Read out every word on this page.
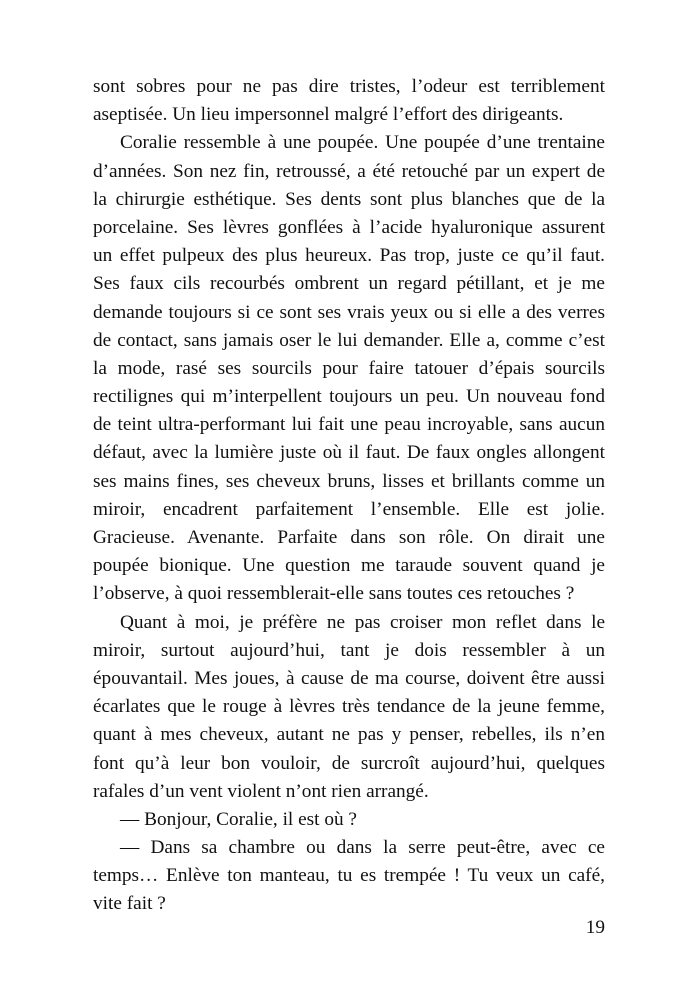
sont sobres pour ne pas dire tristes, l’odeur est terriblement
aseptisée. Un lieu impersonnel malgré l’effort des dirigeants.
Coralie ressemble à une poupée. Une poupée d’une trentaine
d’années. Son nez fin, retroussé, a été retouché par un expert de
la chirurgie esthétique. Ses dents sont plus blanches que de la
porcelaine. Ses lèvres gonflées à l’acide hyaluronique assurent
un effet pulpeux des plus heureux. Pas trop, juste ce qu’il faut.
Ses faux cils recourbés ombrent un regard pétillant, et je me
demande toujours si ce sont ses vrais yeux ou si elle a des verres
de contact, sans jamais oser le lui demander. Elle a, comme c’est
la mode, rasé ses sourcils pour faire tatouer d’épais sourcils
rectilignes qui m’interpellent toujours un peu. Un nouveau fond
de teint ultra-performant lui fait une peau incroyable, sans aucun
défaut, avec la lumière juste où il faut. De faux ongles allongent
ses mains fines, ses cheveux bruns, lisses et brillants comme un
miroir, encadrent parfaitement l’ensemble. Elle est jolie.
Gracieuse. Avenante. Parfaite dans son rôle. On dirait une
poupée bionique. Une question me taraude souvent quand je
l’observe, à quoi ressemblerait-elle sans toutes ces retouches ?
Quant à moi, je préfère ne pas croiser mon reflet dans le
miroir, surtout aujourd’hui, tant je dois ressembler à un
épouvantail. Mes joues, à cause de ma course, doivent être aussi
écarlates que le rouge à lèvres très tendance de la jeune femme,
quant à mes cheveux, autant ne pas y penser, rebelles, ils n’en
font qu’à leur bon vouloir, de surcroît aujourd’hui, quelques
rafales d’un vent violent n’ont rien arrangé.
— Bonjour, Coralie, il est où ?
— Dans sa chambre ou dans la serre peut-être, avec ce
temps… Enlève ton manteau, tu es trempée ! Tu veux un café,
vite fait ?
19
